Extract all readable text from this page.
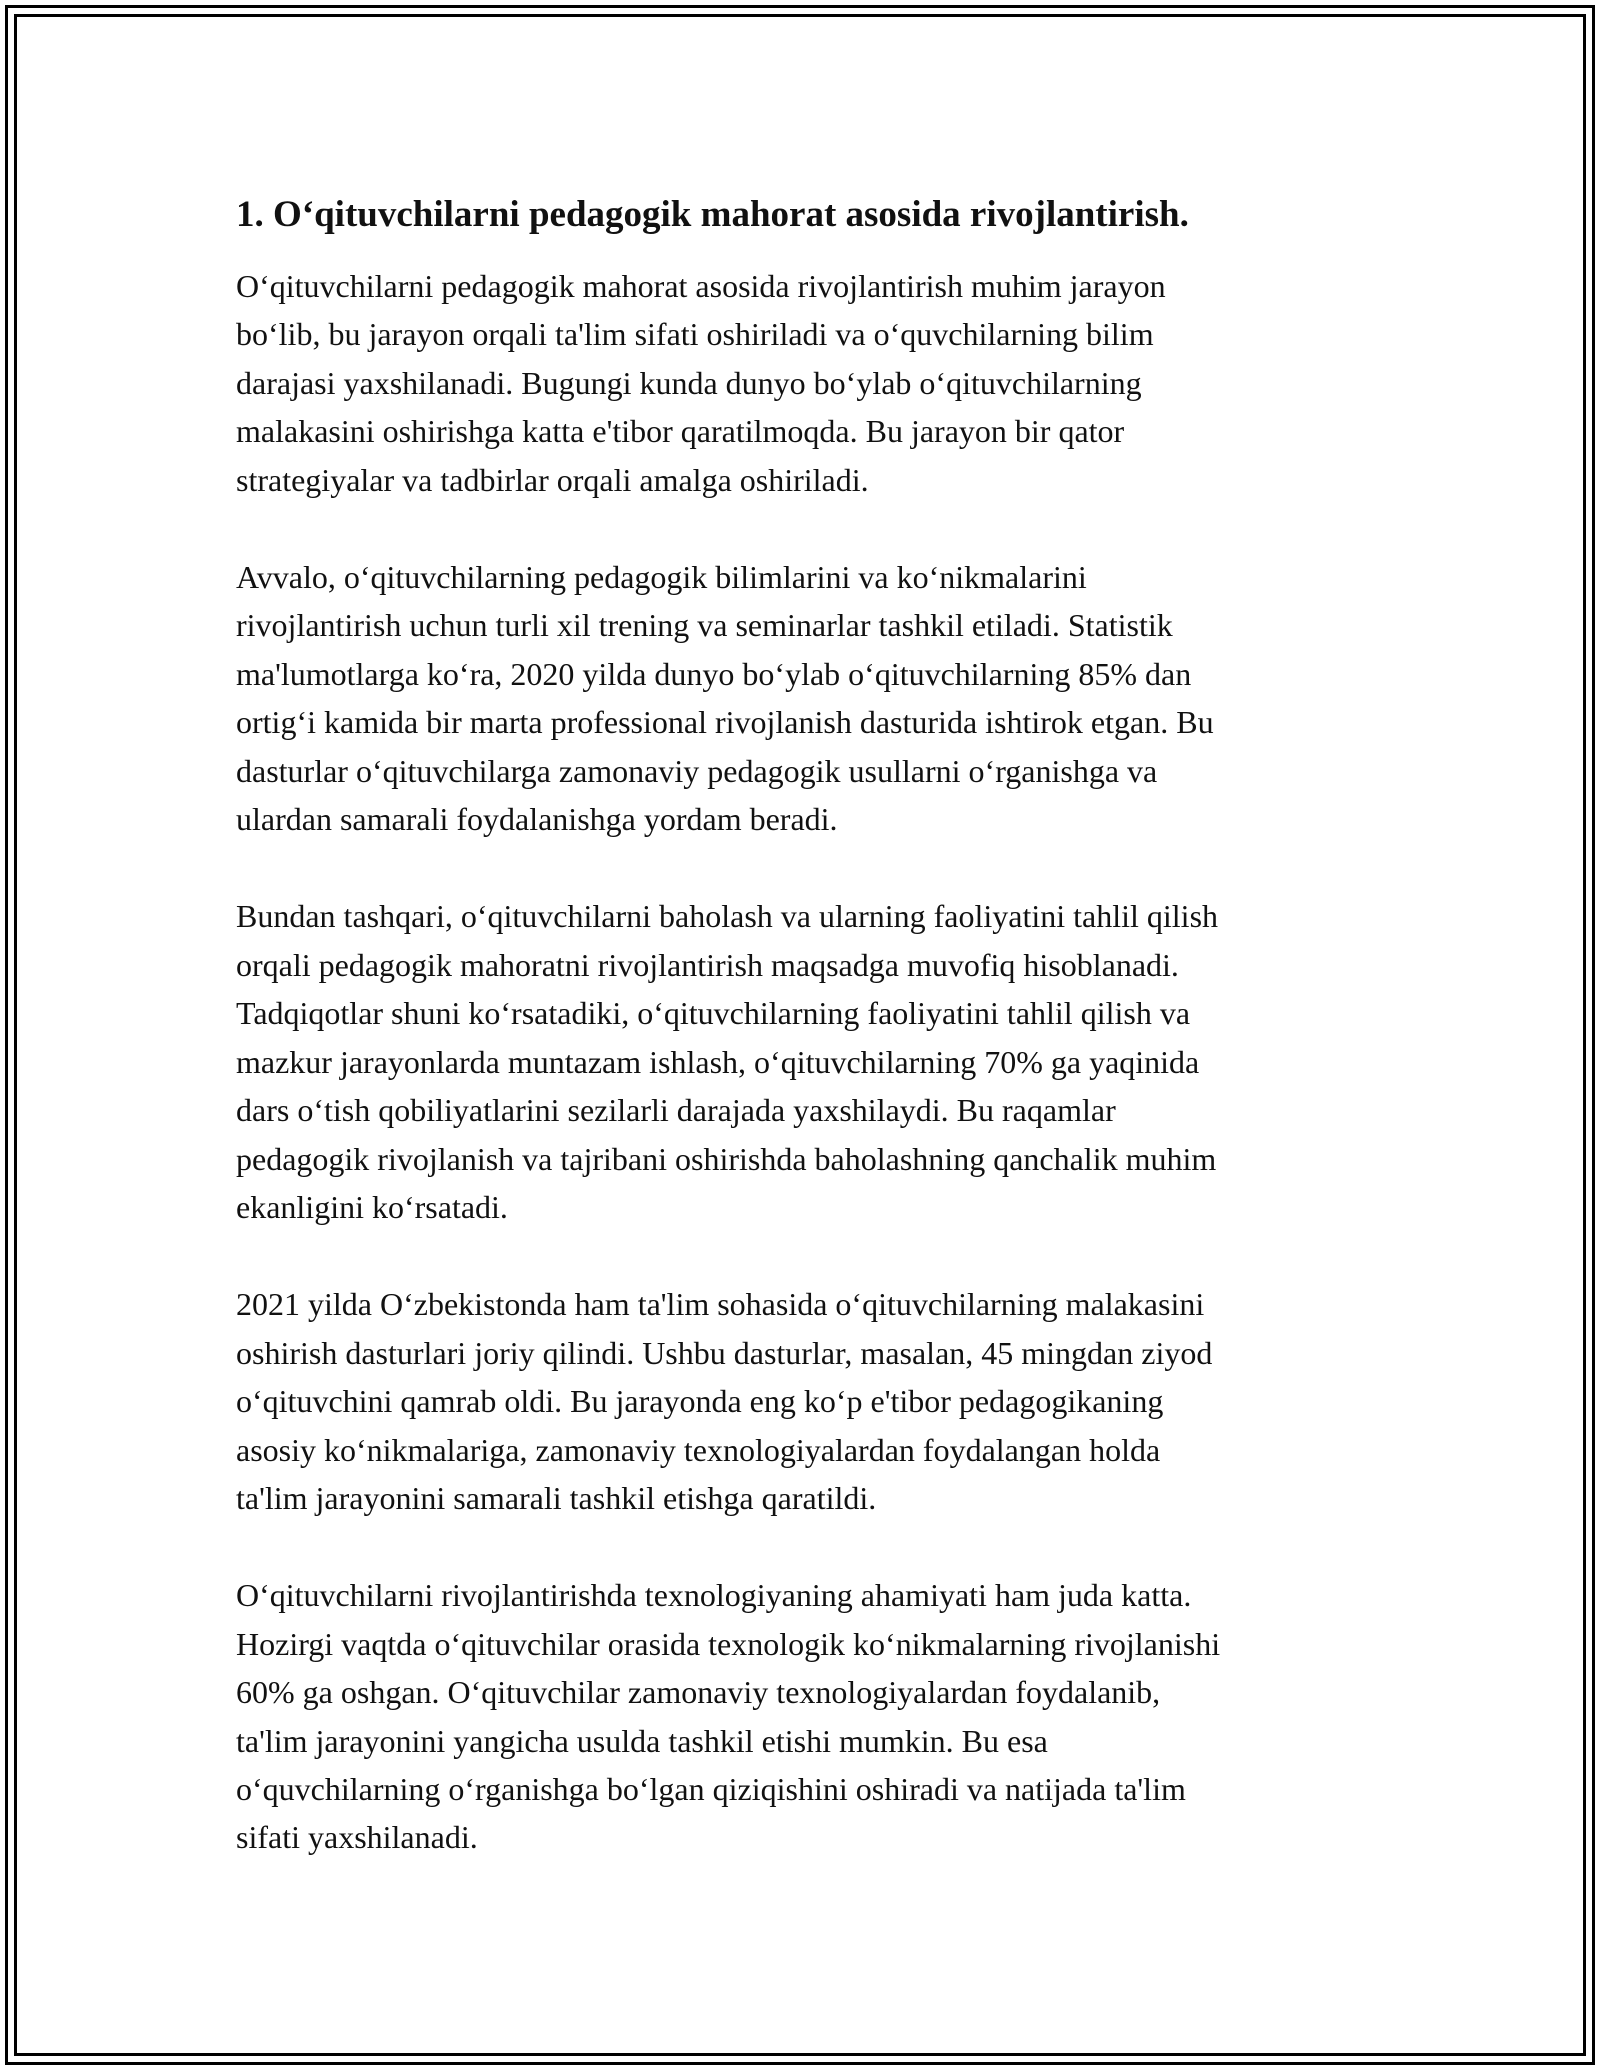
1. O‘qituvchilarni pedagogik mahorat asosida rivojlantirish.

O‘qituvchilarni pedagogik mahorat asosida rivojlantirish muhim jarayon
bo‘lib, bu jarayon orqali ta'lim sifati oshiriladi va o‘quvchilarning bilim
darajasi yaxshilanadi. Bugungi kunda dunyo bo‘ylab o‘qituvchilarning
malakasini oshirishga katta e'tibor qaratilmoqda. Bu jarayon bir qator
strategiyalar va tadbirlar orqali amalga oshiriladi.

Avvalo, o‘qituvchilarning pedagogik bilimlarini va ko‘nikmalarini
rivojlantirish uchun turli xil trening va seminarlar tashkil etiladi. Statistik
ma'lumotlarga ko‘ra, 2020 yilda dunyo bo‘ylab o‘qituvchilarning 85% dan
ortig‘i kamida bir marta professional rivojlanish dasturida ishtirok etgan. Bu
dasturlar o‘qituvchilarga zamonaviy pedagogik usullarni o‘rganishga va
ulardan samarali foydalanishga yordam beradi.

Bundan tashqari, o‘qituvchilarni baholash va ularning faoliyatini tahlil qilish
orqali pedagogik mahoratni rivojlantirish maqsadga muvofiq hisoblanadi.
Tadqiqotlar shuni ko‘rsatadiki, o‘qituvchilarning faoliyatini tahlil qilish va
mazkur jarayonlarda muntazam ishlash, o‘qituvchilarning 70% ga yaqinida
dars o‘tish qobiliyatlarini sezilarli darajada yaxshilaydi. Bu raqamlar
pedagogik rivojlanish va tajribani oshirishda baholashning qanchalik muhim
ekanligini ko‘rsatadi.

2021 yilda O‘zbekistonda ham ta'lim sohasida o‘qituvchilarning malakasini
oshirish dasturlari joriy qilindi. Ushbu dasturlar, masalan, 45 mingdan ziyod
o‘qituvchini qamrab oldi. Bu jarayonda eng ko‘p e'tibor pedagogikaning
asosiy ko‘nikmalariga, zamonaviy texnologiyalardan foydalangan holda
ta'lim jarayonini samarali tashkil etishga qaratildi.

O‘qituvchilarni rivojlantirishda texnologiyaning ahamiyati ham juda katta.
Hozirgi vaqtda o‘qituvchilar orasida texnologik ko‘nikmalarning rivojlanishi
60% ga oshgan. O‘qituvchilar zamonaviy texnologiyalardan foydalanib,
ta'lim jarayonini yangicha usulda tashkil etishi mumkin. Bu esa
o‘quvchilarning o‘rganishga bo‘lgan qiziqishini oshiradi va natijada ta'lim
sifati yaxshilanadi.
